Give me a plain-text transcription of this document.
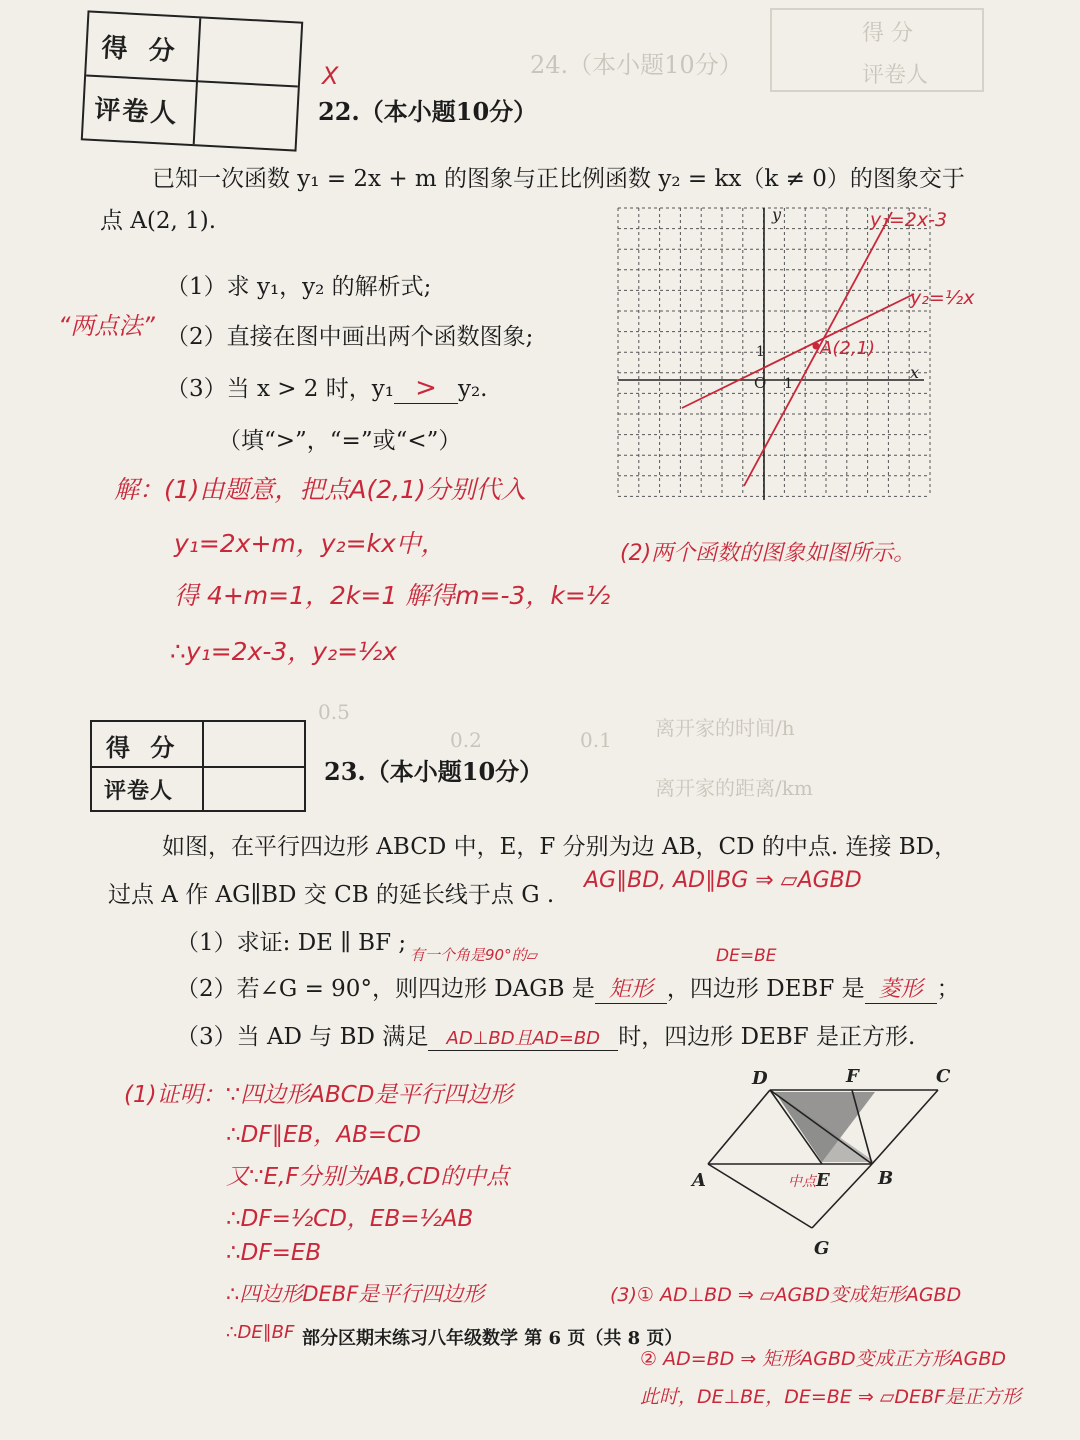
得 分
评卷人
24.（本小题10分）
离开家的时间/h
离开家的距离/km
0.1
0.2
0.5
得 分
评卷人
X
22.（本小题10分）
已知一次函数 y₁ = 2x + m 的图象与正比例函数 y₂ = kx（k ≠ 0）的图象交于
点 A(2, 1).
（1）求 y₁，y₂ 的解析式;
“两点法” （2）直接在图中画出两个函数图象;
（3）当 x > 2 时，y₁ > y₂.
（填“>”，“=”或“<”）
y
x
O 1
1
y₁=2x-3
y₂=½x
A(2,1)
解：(1)由题意，把点A(2,1)分别代入
y₁=2x+m，y₂=kx中，
得 4+m=1，2k=1 解得m=-3，k=½
∴y₁=2x-3，y₂=½x
(2)两个函数的图象如图所示。
得 分
评卷人
23.（本小题10分）
如图，在平行四边形 ABCD 中，E，F 分别为边 AB，CD 的中点. 连接 BD，
过点 A 作 AG∥BD 交 CB 的延长线于点 G .
AG∥BD, AD∥BG ⇒ ▱AGBD
（1）求证: DE ∥ BF ; 有一个角是90°的▱	DE=BE
（2）若∠G = 90°，则四边形 DAGB 是 矩形 ，四边形 DEBF 是 菱形 ；
（3）当 AD 与 BD 满足 AD⊥BD且AD=BD 时，四边形 DEBF 是正方形.
D	F	C
A	中点 E	B
G
(1)证明：∵四边形ABCD是平行四边形
∴DF∥EB，AB=CD
又∵E,F分别为AB,CD的中点
∴DF=½CD，EB=½AB
∴DF=EB
∴四边形DEBF是平行四边形
∴DE∥BF
(3)① AD⊥BD ⇒ ▱AGBD变成矩形AGBD
② AD=BD ⇒ 矩形AGBD变成正方形AGBD
此时，DE⊥BE，DE=BE ⇒ ▱DEBF是正方形
部分区期末练习八年级数学 第 6 页（共 8 页）
